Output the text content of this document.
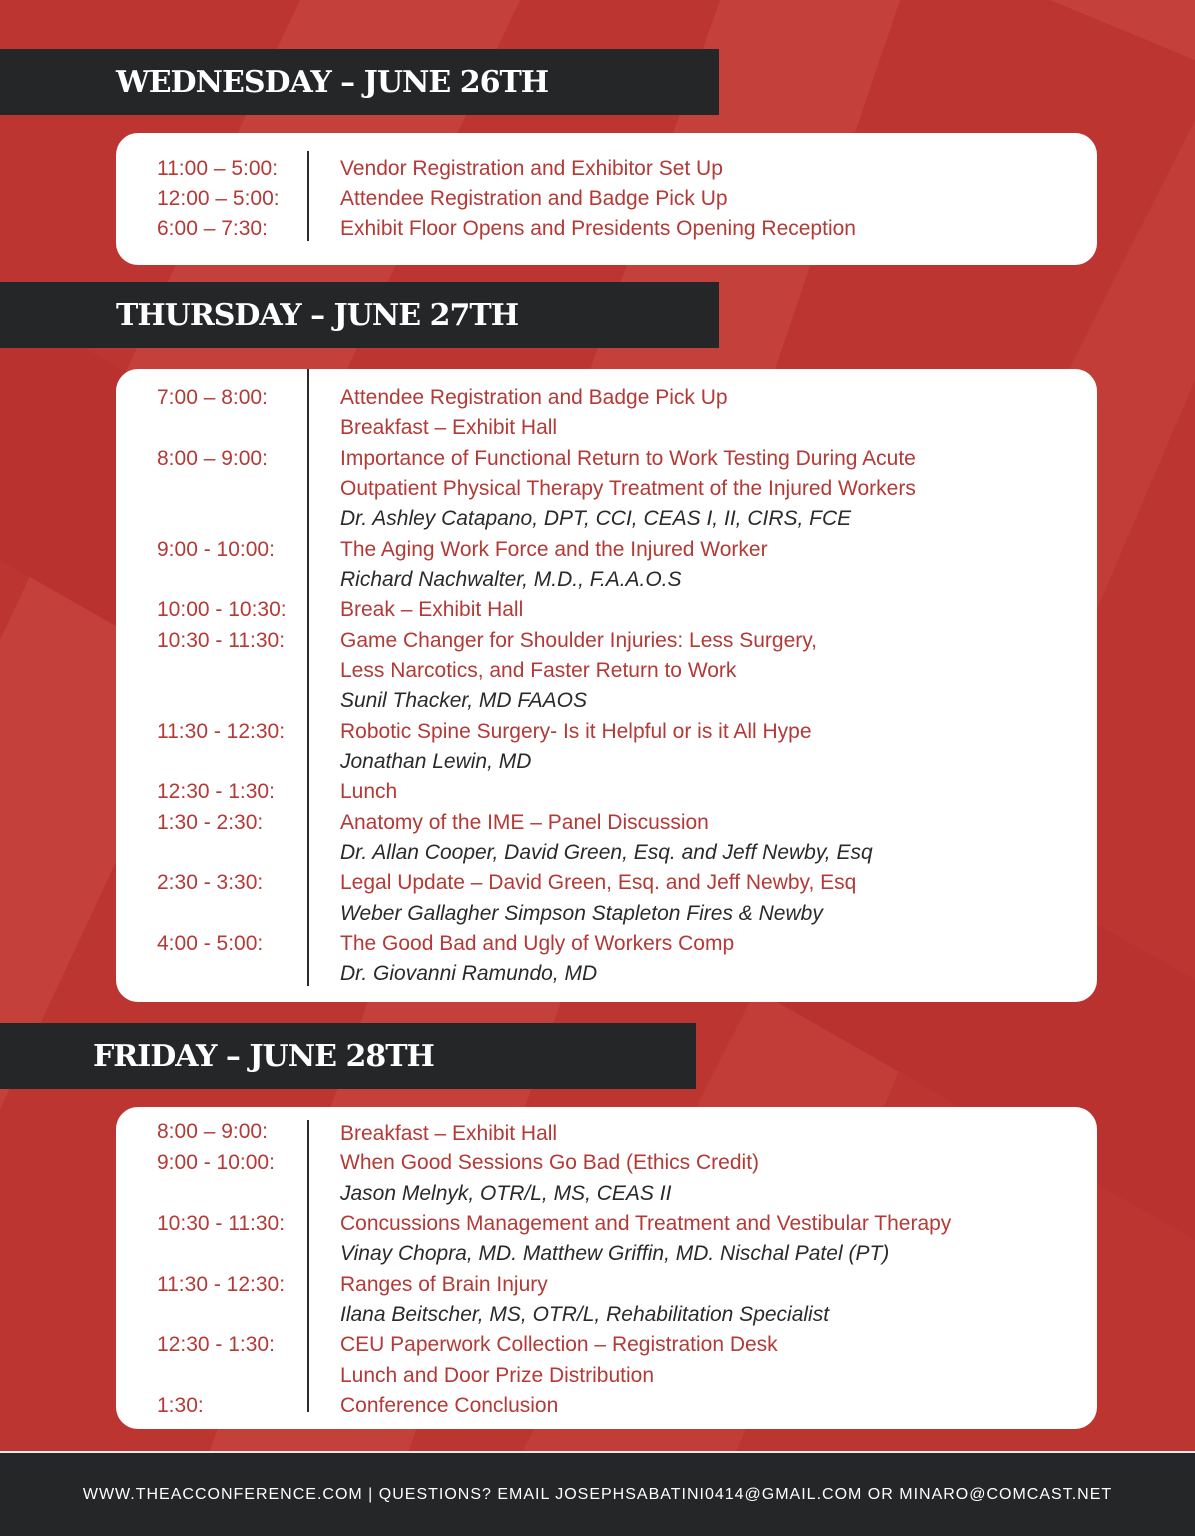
WEDNESDAY – JUNE 26TH
11:00 – 5:00:	Vendor Registration and Exhibitor Set Up
12:00 – 5:00:	Attendee Registration and Badge Pick Up
6:00 – 7:30:	Exhibit Floor Opens and Presidents Opening Reception
THURSDAY – JUNE 27TH
7:00 – 8:00:	Attendee Registration and Badge Pick Up
Breakfast – Exhibit Hall
8:00 – 9:00:	Importance of Functional Return to Work Testing During Acute
Outpatient Physical Therapy Treatment of the Injured Workers
Dr. Ashley Catapano, DPT, CCI, CEAS I, II, CIRS, FCE
9:00 - 10:00:	The Aging Work Force and the Injured Worker
Richard Nachwalter, M.D., F.A.A.O.S
10:00 - 10:30:	Break – Exhibit Hall
10:30 - 11:30:	Game Changer for Shoulder Injuries: Less Surgery,
Less Narcotics, and Faster Return to Work
Sunil Thacker, MD FAAOS
11:30 - 12:30:	Robotic Spine Surgery- Is it Helpful or is it All Hype
Jonathan Lewin, MD
12:30 - 1:30:	Lunch
1:30 - 2:30:	Anatomy of the IME – Panel Discussion
Dr. Allan Cooper, David Green, Esq. and Jeff Newby, Esq
2:30 - 3:30:	Legal Update – David Green, Esq. and Jeff Newby, Esq
Weber Gallagher Simpson Stapleton Fires & Newby
4:00 - 5:00:	The Good Bad and Ugly of Workers Comp
Dr. Giovanni Ramundo, MD
FRIDAY – JUNE 28TH
8:00 – 9:00:	Breakfast – Exhibit Hall
9:00 - 10:00:	When Good Sessions Go Bad (Ethics Credit)
Jason Melnyk, OTR/L, MS, CEAS II
10:30 - 11:30:	Concussions Management and Treatment and Vestibular Therapy
Vinay Chopra, MD. Matthew Griffin, MD. Nischal Patel (PT)
11:30 - 12:30:	Ranges of Brain Injury
Ilana Beitscher, MS, OTR/L, Rehabilitation Specialist
12:30 - 1:30:	CEU Paperwork Collection – Registration Desk
Lunch and Door Prize Distribution
1:30:	Conference Conclusion
WWW.THEACCONFERENCE.COM | QUESTIONS? EMAIL JOSEPHSABATINI0414@GMAIL.COM OR MINARO@COMCAST.NET
